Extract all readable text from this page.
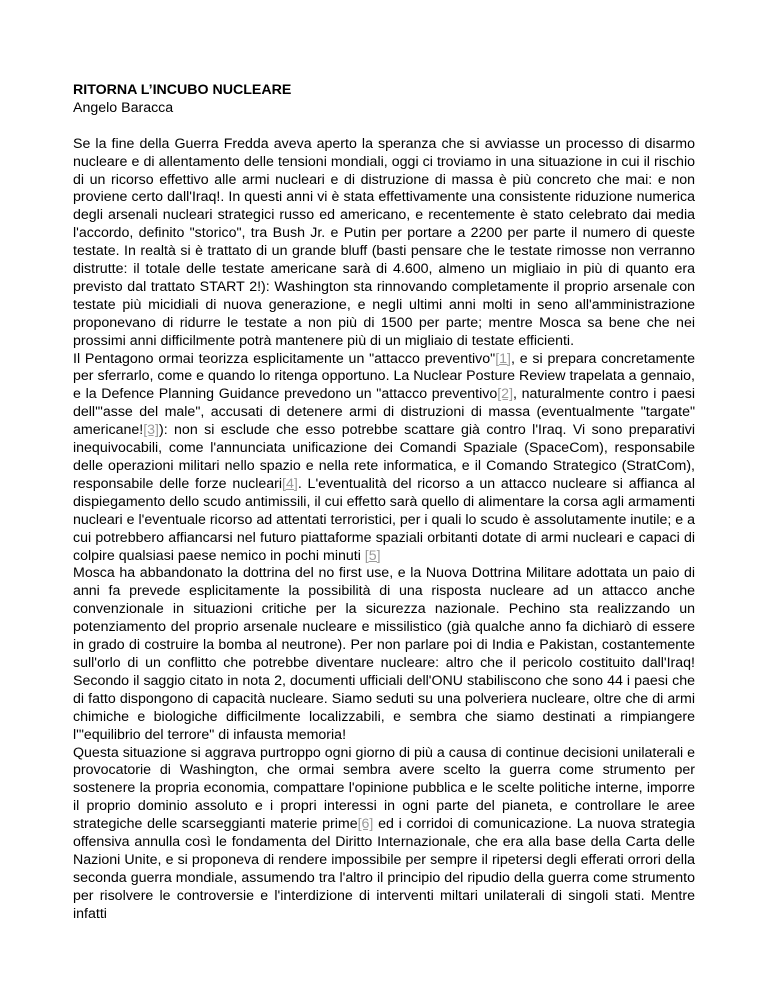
RITORNA L’INCUBO NUCLEARE

Angelo Baracca

Se la fine della Guerra Fredda aveva aperto la speranza che si avviasse un processo di disarmo nucleare e di allentamento delle tensioni mondiali, oggi ci troviamo in una situazione in cui il rischio di un ricorso effettivo alle armi nucleari e di distruzione di massa è più concreto che mai: e non proviene certo dall'Iraq!. In questi anni vi è stata effettivamente una consistente riduzione numerica degli arsenali nucleari strategici russo ed americano, e recentemente è stato celebrato dai media l'accordo, definito "storico", tra Bush Jr. e Putin per portare a 2200 per parte il numero di queste testate. In realtà si è trattato di un grande bluff (basti pensare che le testate rimosse non verranno distrutte: il totale delle testate americane sarà di 4.600, almeno un migliaio in più di quanto era previsto dal trattato START 2!): Washington sta rinnovando completamente il proprio arsenale con testate più micidiali di nuova generazione, e negli ultimi anni molti in seno all'amministrazione proponevano di ridurre le testate a non più di 1500 per parte; mentre Mosca sa bene che nei prossimi anni difficilmente potrà mantenere più di un migliaio di testate efficienti.

Il Pentagono ormai teorizza esplicitamente un "attacco preventivo"[1], e si prepara concretamente per sferrarlo, come e quando lo ritenga opportuno. La Nuclear Posture Review trapelata a gennaio, e la Defence Planning Guidance prevedono un "attacco preventivo[2], naturalmente contro i paesi dell'"asse del male", accusati di detenere armi di distruzioni di massa (eventualmente "targate" americane![3]): non si esclude che esso potrebbe scattare già contro l'Iraq. Vi sono preparativi inequivocabili, come l'annunciata unificazione dei Comandi Spaziale (SpaceCom), responsabile delle operazioni militari nello spazio e nella rete informatica, e il Comando Strategico (StratCom), responsabile delle forze nucleari[4]. L'eventualità del ricorso a un attacco nucleare si affianca al dispiegamento dello scudo antimissili, il cui effetto sarà quello di alimentare la corsa agli armamenti nucleari e l'eventuale ricorso ad attentati terroristici, per i quali lo scudo è assolutamente inutile; e a cui potrebbero affiancarsi nel futuro piattaforme spaziali orbitanti dotate di armi nucleari e capaci di colpire qualsiasi paese nemico in pochi minuti [5]

Mosca ha abbandonato la dottrina del no first use, e la Nuova Dottrina Militare adottata un paio di anni fa prevede esplicitamente la possibilità di una risposta nucleare ad un attacco anche convenzionale in situazioni critiche per la sicurezza nazionale. Pechino sta realizzando un potenziamento del proprio arsenale nucleare e missilistico (già qualche anno fa dichiarò di essere in grado di costruire la bomba al neutrone). Per non parlare poi di India e Pakistan, costantemente sull'orlo di un conflitto che potrebbe diventare nucleare: altro che il pericolo costituito dall'Iraq! Secondo il saggio citato in nota 2, documenti ufficiali dell'ONU stabiliscono che sono 44 i paesi che di fatto dispongono di capacità nucleare. Siamo seduti su una polveriera nucleare, oltre che di armi chimiche e biologiche difficilmente localizzabili, e sembra che siamo destinati a rimpiangere l'"equilibrio del terrore" di infausta memoria!

Questa situazione si aggrava purtroppo ogni giorno di più a causa di continue decisioni unilaterali e provocatorie di Washington, che ormai sembra avere scelto la guerra come strumento per sostenere la propria economia, compattare l'opinione pubblica e le scelte politiche interne, imporre il proprio dominio assoluto e i propri interessi in ogni parte del pianeta, e controllare le aree strategiche delle scarseggianti materie prime[6] ed i corridoi di comunicazione. La nuova strategia offensiva annulla così le fondamenta del Diritto Internazionale, che era alla base della Carta delle Nazioni Unite, e si proponeva di rendere impossibile per sempre il ripetersi degli efferati orrori della seconda guerra mondiale, assumendo tra l'altro il principio del ripudio della guerra come strumento per risolvere le controversie e l'interdizione di interventi miltari unilaterali di singoli stati. Mentre infatti
